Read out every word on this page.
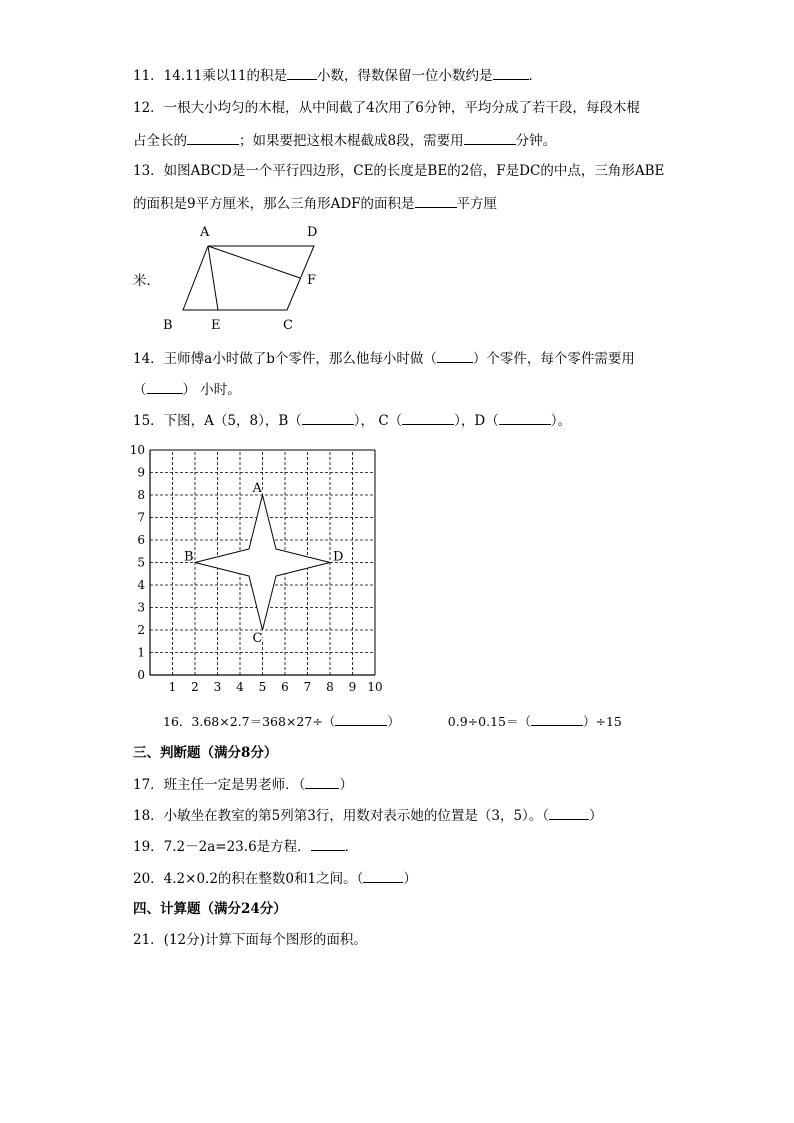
11．14.11乘以11的积是 小数，得数保留一位小数约是	．
12．一根大小均匀的木棍，从中间截了4次用了6分钟，平均分成了若干段，每段木棍
占全长的	；如果要把这根木棍截成8段，需要用	分钟。
13．如图ABCD是一个平行四边形，CE的长度是BE的2倍，F是DC的中点，三角形ABE
的面积是9平方厘米，那么三角形ADF的面积是	平方厘
米．
A	D
F
B	E	C
14．王师傅a小时做了b个零件，那么他每小时做（	）个零件，每个零件需要用
（	） 小时。
15．下图，A（5，8），B（	）， C（	），D（	）。
0
1
2
3
4
5
6
7
8
9
10
1 2 3 4 5 6 7 8 9 10
A
B
C
D
16．3.68×2.7＝368×27÷（	）	0.9÷0.15＝（	）÷15
三、判断题（满分8分）
17．班主任一定是男老师．（	）
18．小敏坐在教室的第5列第3行，用数对表示她的位置是（3，5）。（	）
19．7.2－2a=23.6是方程．	．
20．4.2×0.2的积在整数0和1之间。（	）
四、计算题（满分24分）
21．(12分)计算下面每个图形的面积。
